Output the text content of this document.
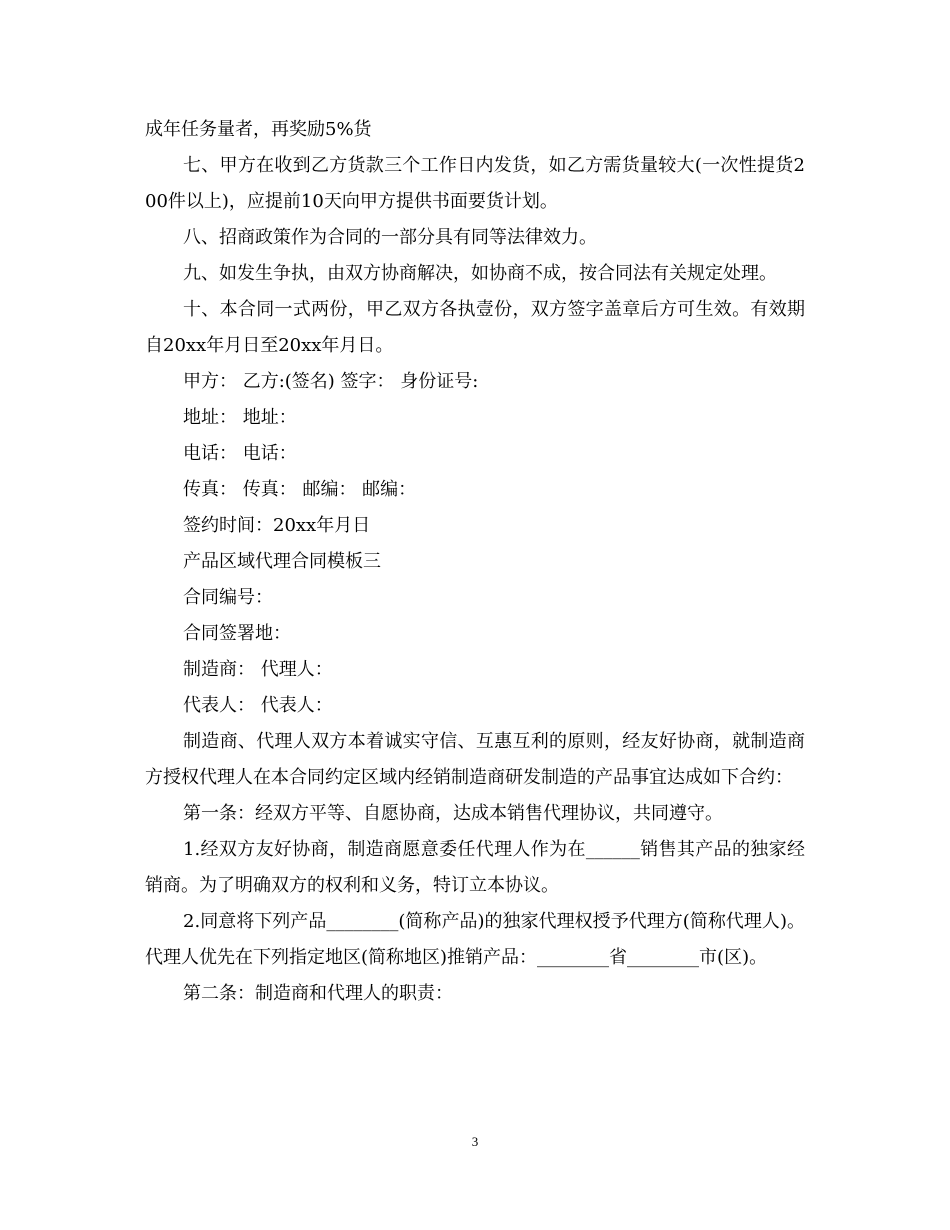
成年任务量者，再奖励5%货

七、甲方在收到乙方货款三个工作日内发货，如乙方需货量较大(一次性提货200件以上)，应提前10天向甲方提供书面要货计划。

八、招商政策作为合同的一部分具有同等法律效力。

九、如发生争执，由双方协商解决，如协商不成，按合同法有关规定处理。

十、本合同一式两份，甲乙双方各执壹份，双方签字盖章后方可生效。有效期自20xx年月日至20xx年月日。

甲方： 乙方:(签名) 签字： 身份证号:

地址： 地址：

电话： 电话：

传真： 传真： 邮编： 邮编：

签约时间：20xx年月日

产品区域代理合同模板三

合同编号：

合同签署地：

制造商： 代理人：

代表人： 代表人：

制造商、代理人双方本着诚实守信、互惠互利的原则，经友好协商，就制造商方授权代理人在本合同约定区域内经销制造商研发制造的产品事宜达成如下合约：

第一条：经双方平等、自愿协商，达成本销售代理协议，共同遵守。

1.经双方友好协商，制造商愿意委任代理人作为在______销售其产品的独家经销商。为了明确双方的权利和义务，特订立本协议。

2.同意将下列产品________(简称产品)的独家代理权授予代理方(简称代理人)。代理人优先在下列指定地区(简称地区)推销产品：________省________市(区)。

第二条：制造商和代理人的职责：

3
